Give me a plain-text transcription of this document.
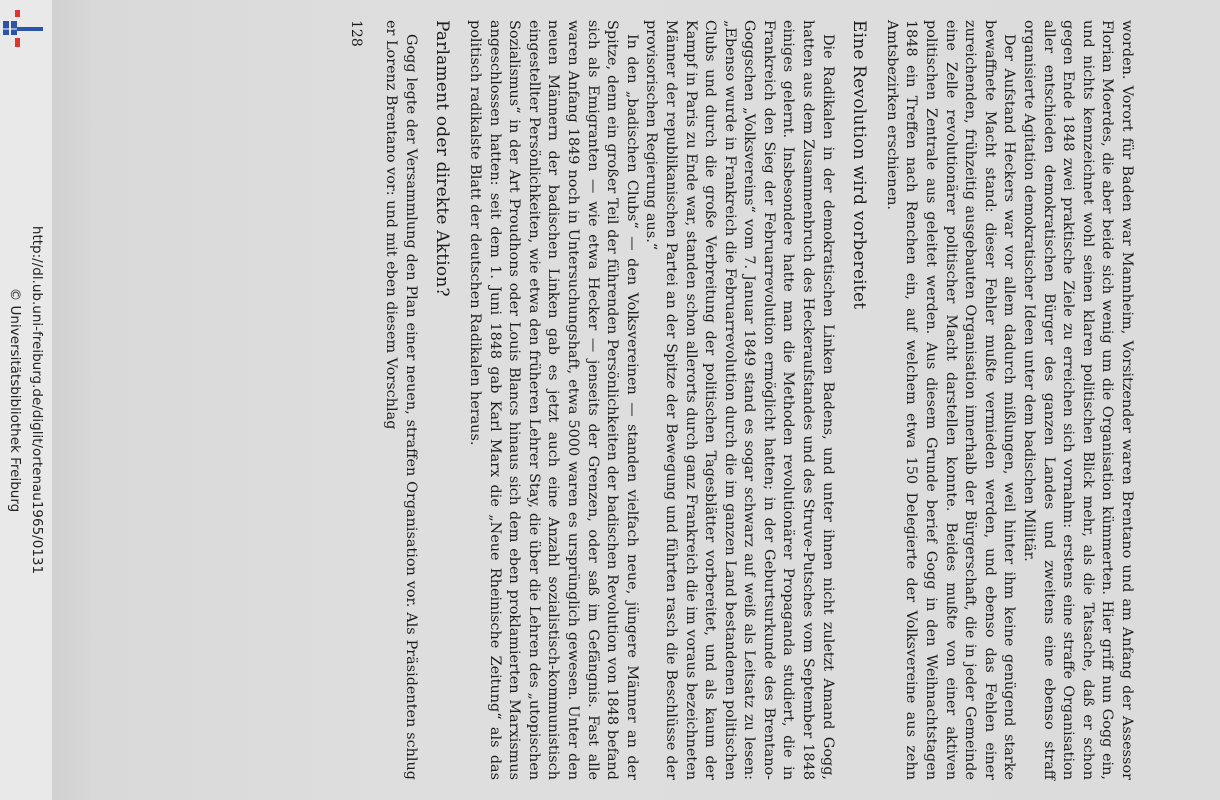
http://dl.ub.uni-freiburg.de/diglit/ortenau1965/0131
© Universitätsbibliothek Freiburg	worden. Vorort für Baden war Mannheim, Vorsitzender waren Brentano und am Anfang der Assessor Florian Moerdes, die aber beide sich wenig um die Organisation kümmerten. Hier griff nun Gogg ein, und nichts kennzeichnet wohl seinen klaren politischen Blick mehr, als die Tatsache, daß er schon gegen Ende 1848 zwei praktische Ziele zu erreichen sich vornahm: erstens eine straffe Organisation aller entschieden demokratischen Bürger des ganzen Landes und zweitens eine ebenso straff organisierte Agitation demokratischer Ideen unter dem badischen Militär.

Der Aufstand Heckers war vor allem dadurch mißlungen, weil hinter ihm keine genügend starke bewaffnete Macht stand: dieser Fehler mußte vermieden werden, und ebenso das Fehlen einer zureichenden, frühzeitig ausgebauten Organisation innerhalb der Bürgerschaft, die in jeder Gemeinde eine Zelle revolutionärer politischer Macht darstellen konnte. Beides mußte von einer aktiven politischen Zentrale aus geleitet werden. Aus diesem Grunde berief Gogg in den Weihnachtstagen 1848 ein Treffen nach Renchen ein, auf welchem etwa 150 Delegierte der Volksvereine aus zehn Amtsbezirken erschienen.

Eine Revolution wird vorbereitet

Die Radikalen in der demokratischen Linken Badens, und unter ihnen nicht zuletzt Amand Gogg, hatten aus dem Zusammenbruch des Heckeraufstandes und des Struve-Putsches vom September 1848 einiges gelernt. Insbesondere hatte man die Methoden revolutionärer Propaganda studiert, die in Frankreich den Sieg der Februarrevolution ermöglicht hatten; in der Geburtsurkunde des Brentano-Goggschen „Volksvereins“ vom 7. Januar 1849 stand es sogar schwarz auf weiß als Leitsatz zu lesen: „Ebenso wurde in Frankreich die Februarrevolution durch die im ganzen Land bestandenen politischen Clubs und durch die große Verbreitung der politischen Tagesblätter vorbereitet, und als kaum der Kampf in Paris zu Ende war, standen schon allerorts durch ganz Frankreich die im voraus bezeichneten Männer der republikanischen Partei an der Spitze der Bewegung und führten rasch die Beschlüsse der provisorischen Regierung aus.“

In den „badischen Clubs“ — den Volksvereinen — standen vielfach neue, jüngere Männer an der Spitze, denn ein großer Teil der führenden Persönlichkeiten der badischen Revolution von 1848 befand sich als Emigranten — wie etwa Hecker — jenseits der Grenzen, oder saß im Gefängnis. Fast alle waren Anfang 1849 noch in Untersuchungshaft, etwa 5000 waren es ursprünglich gewesen. Unter den neuen Männern der badischen Linken gab es jetzt auch eine Anzahl sozialistisch-kommunistisch eingestellter Persönlichkeiten, wie etwa den früheren Lehrer Stay, die über die Lehren des „utopischen Sozialismus“ in der Art Proudhons oder Louis Blancs hinaus sich dem eben proklamierten Marxismus angeschlossen hatten: seit dem 1. Juni 1848 gab Karl Marx die „Neue Rheinische Zeitung“ als das politisch radikalste Blatt der deutschen Radikalen heraus.

Parlament oder direkte Aktion?

Gogg legte der Versammlung den Plan einer neuen, straffen Organisation vor. Als Präsidenten schlug er Lorenz Brentano vor: und mit eben diesem Vorschlag

128
